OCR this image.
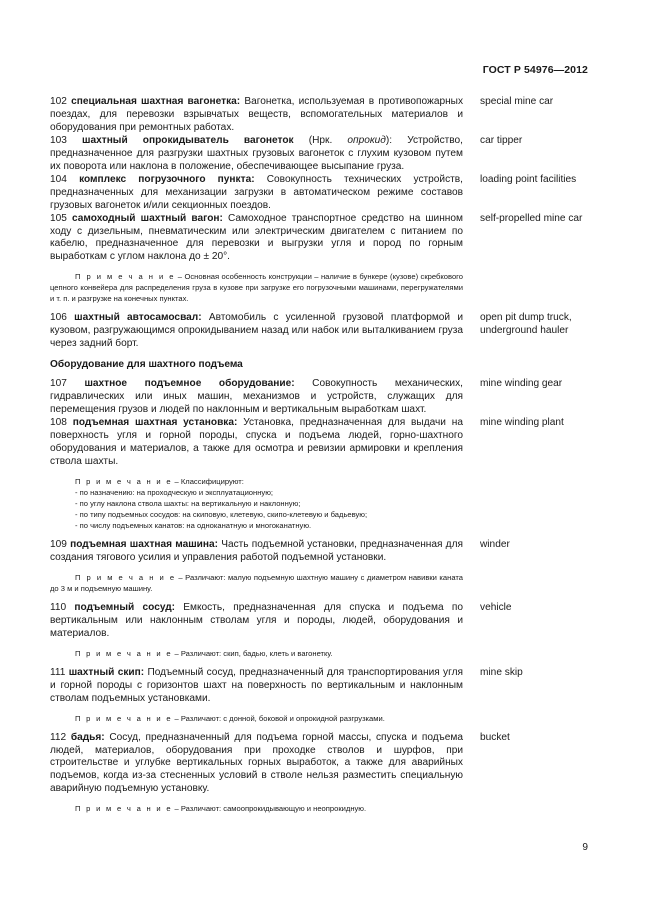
ГОСТ Р 54976—2012
102 специальная шахтная вагонетка: Вагонетка, используемая в противопожарных поездах, для перевозки взрывчатых веществ, вспомогательных материалов и оборудования при ремонтных работах.
special mine car
103 шахтный опрокидыватель вагонеток (Нрк. опрокид): Устройство, предназначенное для разгрузки шахтных грузовых вагонеток с глухим кузовом путем их поворота или наклона в положение, обеспечивающее высыпание груза.
car tipper
104 комплекс погрузочного пункта: Совокупность технических устройств, предназначенных для механизации загрузки в автоматическом режиме составов грузовых вагонеток и/или секционных поездов.
loading point facilities
105 самоходный шахтный вагон: Самоходное транспортное средство на шинном ходу с дизельным, пневматическим или электрическим двигателем с питанием по кабелю, предназначенное для перевозки и выгрузки угля и пород по горным выработкам с углом наклона до ± 20°.
self-propelled mine car
П р и м е ч а н и е – Основная особенность конструкции – наличие в бункере (кузове) скребкового цепного конвейера для распределения груза в кузове при загрузке его погрузочными машинами, перегружателями и т. п. и разгрузке на конечных пунктах.
106 шахтный автосамосвал: Автомобиль с усиленной грузовой платформой и кузовом, разгружающимся опрокидыванием назад или набок или выталкиванием груза через задний борт.
open pit dump truck, underground hauler
Оборудование для шахтного подъема
107 шахтное подъемное оборудование: Совокупность механических, гидравлических или иных машин, механизмов и устройств, служащих для перемещения грузов и людей по наклонным и вертикальным выработкам шахт.
mine winding gear
108 подъемная шахтная установка: Установка, предназначенная для выдачи на поверхность угля и горной породы, спуска и подъема людей, горно-шахтного оборудования и материалов, а также для осмотра и ревизии армировки и крепления ствола шахты.
mine winding plant
П р и м е ч а н и е – Классифицируют:
- по назначению: на проходческую и эксплуатационную;
- по углу наклона ствола шахты: на вертикальную и наклонную;
- по типу подъемных сосудов: на скиповую, клетевую, скипо-клетевую и бадьевую;
- по числу подъемных канатов: на одноканатную и многоканатную.
109 подъемная шахтная машина: Часть подъемной установки, предназначенная для создания тягового усилия и управления работой подъемной установки.
winder
П р и м е ч а н и е – Различают: малую подъемную шахтную машину с диаметром навивки каната до 3 м и подъемную машину.
110 подъемный сосуд: Емкость, предназначенная для спуска и подъема по вертикальным или наклонным стволам угля и породы, людей, оборудования и материалов.
vehicle
П р и м е ч а н и е – Различают: скип, бадью, клеть и вагонетку.
111 шахтный скип: Подъемный сосуд, предназначенный для транспортирования угля и горной породы с горизонтов шахт на поверхность по вертикальным и наклонным стволам подъемных установками.
mine skip
П р и м е ч а н и е – Различают: с донной, боковой и опрокидной разгрузками.
112 бадья: Сосуд, предназначенный для подъема горной массы, спуска и подъема людей, материалов, оборудования при проходке стволов и шурфов, при строительстве и углубке вертикальных горных выработок, а также для аварийных подъемов, когда из-за стесненных условий в стволе нельзя разместить специальную аварийную подъемную установку.
bucket
П р и м е ч а н и е – Различают: самоопрокидывающую и неопрокидную.
9
